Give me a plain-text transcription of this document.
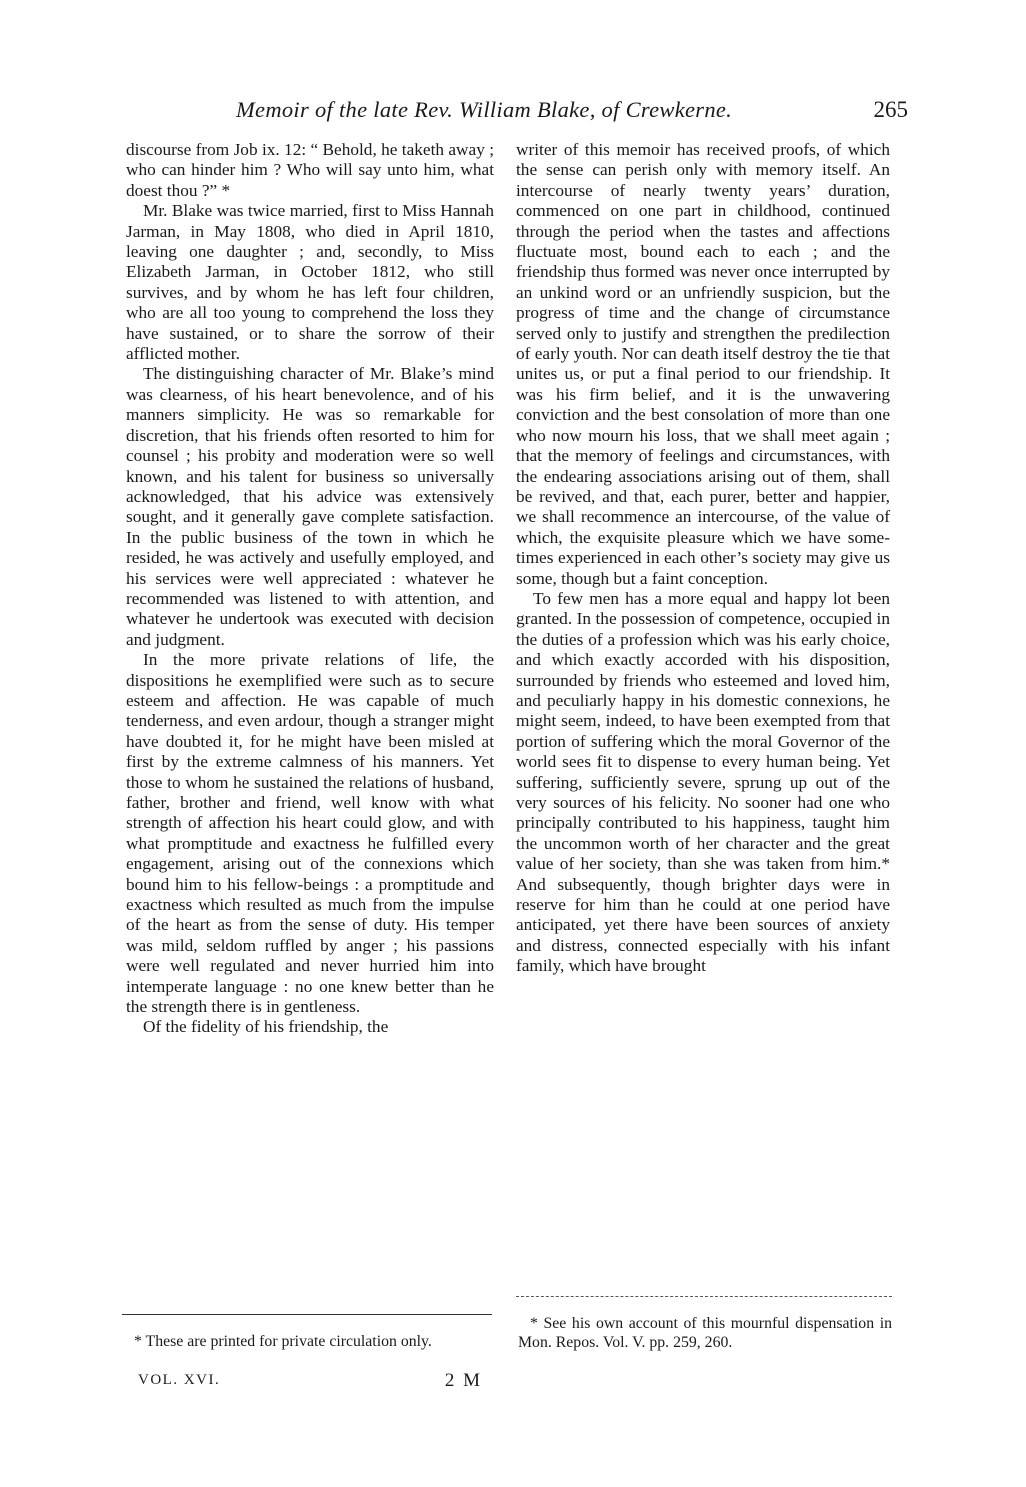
Memoir of the late Rev. William Blake, of Crewkerne.	265

discourse from Job ix. 12: “ Behold, he taketh away ; who can hinder him ? Who will say unto him, what doest thou ?” *

Mr. Blake was twice married, first to Miss Hannah Jarman, in May 1808, who died in April 1810, leaving one daughter ; and, secondly, to Miss Elizabeth Jarman, in October 1812, who still survives, and by whom he has left four children, who are all too young to comprehend the loss they have sustained, or to share the sorrow of their afflicted mother.

The distinguishing character of Mr. Blake’s mind was clearness, of his heart benevolence, and of his manners simplicity. He was so remarkable for discretion, that his friends often resorted to him for counsel ; his probity and moderation were so well known, and his talent for business so universally acknowledged, that his advice was extensively sought, and it generally gave complete satisfaction. In the public business of the town in which he resided, he was actively and usefully employed, and his services were well appreciated : whatever he recommended was listened to with attention, and whatever he undertook was executed with decision and judgment.

In the more private relations of life, the dispositions he exemplified were such as to secure esteem and affection. He was capable of much tenderness, and even ardour, though a stranger might have doubted it, for he might have been misled at first by the extreme calmness of his manners. Yet those to whom he sustained the relations of husband, father, brother and friend, well know with what strength of affection his heart could glow, and with what promptitude and exactness he fulfilled every engagement, arising out of the connexions which bound him to his fellow-beings : a promptitude and exactness which resulted as much from the impulse of the heart as from the sense of duty. His temper was mild, seldom ruffled by anger ; his passions were well regulated and never hurried him into intemperate language : no one knew better than he the strength there is in gentleness.

Of the fidelity of his friendship, the

writer of this memoir has received proofs, of which the sense can perish only with memory itself. An intercourse of nearly twenty years’ duration, commenced on one part in childhood, continued through the period when the tastes and affections fluctuate most, bound each to each ; and the friendship thus formed was never once interrupted by an unkind word or an unfriendly suspicion, but the progress of time and the change of circumstance served only to justify and strengthen the predilection of early youth. Nor can death itself destroy the tie that unites us, or put a final period to our friendship. It was his firm belief, and it is the unwavering conviction and the best consolation of more than one who now mourn his loss, that we shall meet again ; that the memory of feelings and circumstances, with the endearing associations arising out of them, shall be revived, and that, each purer, better and happier, we shall recommence an intercourse, of the value of which, the exquisite pleasure which we have sometimes experienced in each other’s society may give us some, though but a faint conception.

To few men has a more equal and happy lot been granted. In the possession of competence, occupied in the duties of a profession which was his early choice, and which exactly accorded with his disposition, surrounded by friends who esteemed and loved him, and peculiarly happy in his domestic connexions, he might seem, indeed, to have been exempted from that portion of suffering which the moral Governor of the world sees fit to dispense to every human being. Yet suffering, sufficiently severe, sprung up out of the very sources of his felicity. No sooner had one who principally contributed to his happiness, taught him the uncommon worth of her character and the great value of her society, than she was taken from him.* And subsequently, though brighter days were in reserve for him than he could at one period have anticipated, yet there have been sources of anxiety and distress, connected especially with his infant family, which have brought

* These are printed for private circulation only.

* See his own account of this mournful dispensation in Mon. Repos. Vol. V. pp. 259, 260.

VOL. XVI.	2 M
